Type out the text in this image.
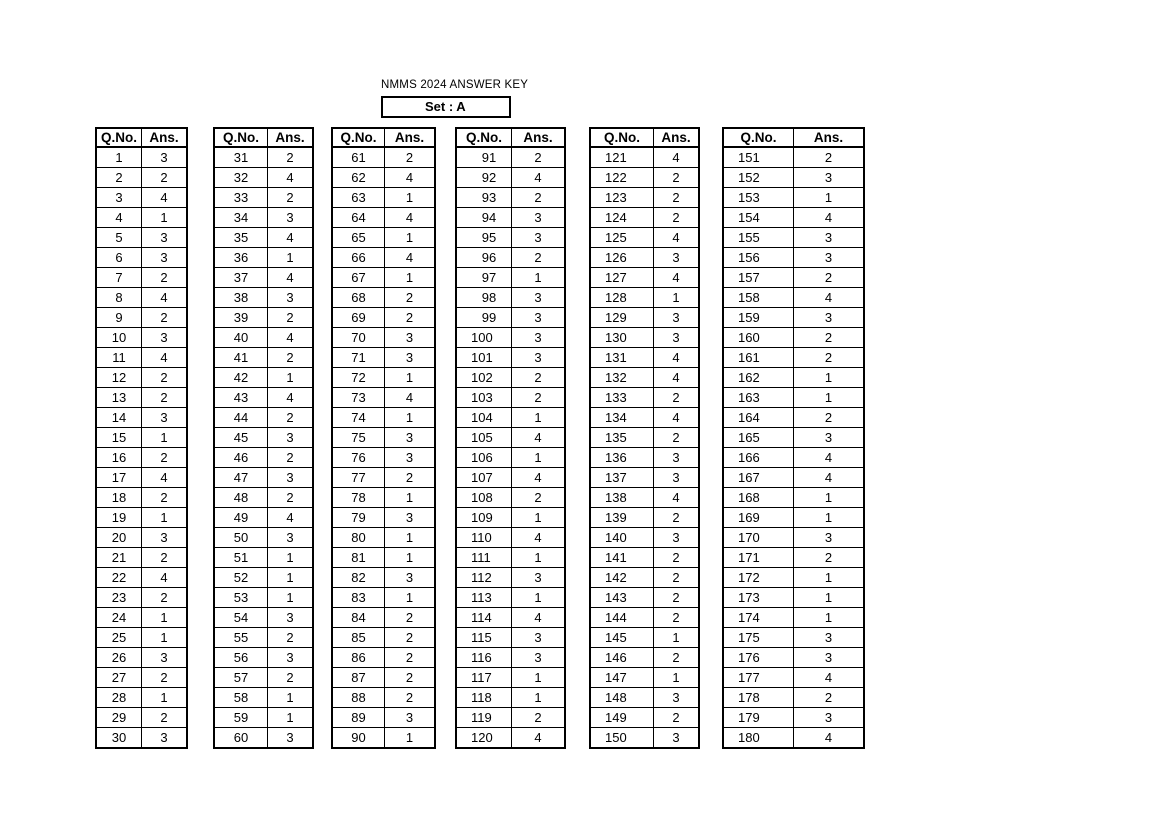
NMMS 2024 ANSWER KEY
Set : A
Q.No.	Ans.
1	3
2	2
3	4
4	1
5	3
6	3
7	2
8	4
9	2
10	3
11	4
12	2
13	2
14	3
15	1
16	2
17	4
18	2
19	1
20	3
21	2
22	4
23	2
24	1
25	1
26	3
27	2
28	1
29	2
30	3
Q.No.	Ans.
31	2
32	4
33	2
34	3
35	4
36	1
37	4
38	3
39	2
40	4
41	2
42	1
43	4
44	2
45	3
46	2
47	3
48	2
49	4
50	3
51	1
52	1
53	1
54	3
55	2
56	3
57	2
58	1
59	1
60	3
Q.No.	Ans.
61	2
62	4
63	1
64	4
65	1
66	4
67	1
68	2
69	2
70	3
71	3
72	1
73	4
74	1
75	3
76	3
77	2
78	1
79	3
80	1
81	1
82	3
83	1
84	2
85	2
86	2
87	2
88	2
89	3
90	1
Q.No.	Ans.
91	2
92	4
93	2
94	3
95	3
96	2
97	1
98	3
99	3
100	3
101	3
102	2
103	2
104	1
105	4
106	1
107	4
108	2
109	1
110	4
111	1
112	3
113	1
114	4
115	3
116	3
117	1
118	1
119	2
120	4
Q.No.	Ans.
121	4
122	2
123	2
124	2
125	4
126	3
127	4
128	1
129	3
130	3
131	4
132	4
133	2
134	4
135	2
136	3
137	3
138	4
139	2
140	3
141	2
142	2
143	2
144	2
145	1
146	2
147	1
148	3
149	2
150	3
Q.No.	Ans.
151	2
152	3
153	1
154	4
155	3
156	3
157	2
158	4
159	3
160	2
161	2
162	1
163	1
164	2
165	3
166	4
167	4
168	1
169	1
170	3
171	2
172	1
173	1
174	1
175	3
176	3
177	4
178	2
179	3
180	4
